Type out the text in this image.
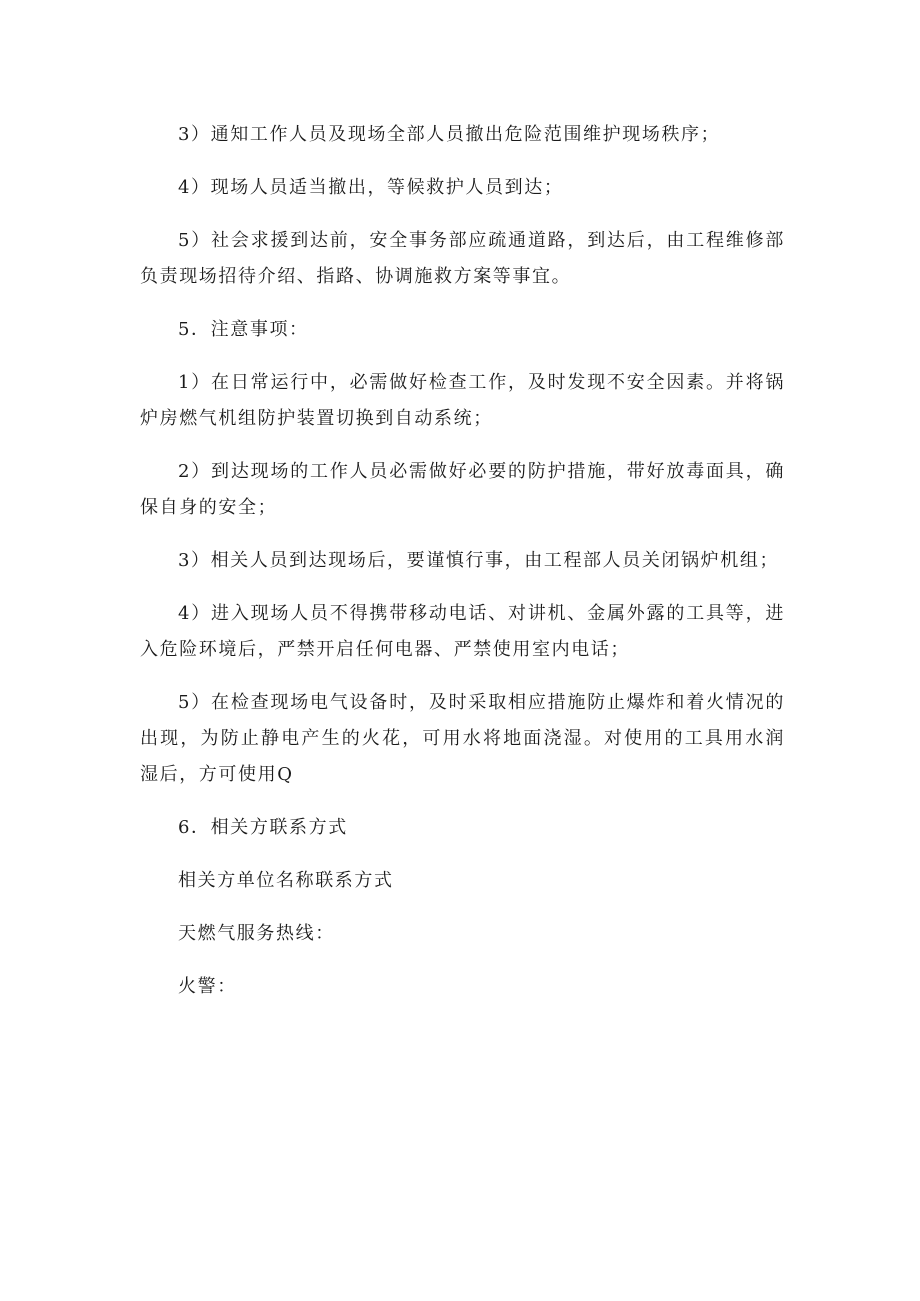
3）通知工作人员及现场全部人员撤出危险范围维护现场秩序；

4）现场人员适当撤出，等候救护人员到达；

5）社会求援到达前，安全事务部应疏通道路，到达后，由工程维修部负责现场招待介绍、指路、协调施救方案等事宜。

5．注意事项：

1）在日常运行中，必需做好检查工作，及时发现不安全因素。并将锅炉房燃气机组防护装置切换到自动系统；

2）到达现场的工作人员必需做好必要的防护措施，带好放毒面具，确保自身的安全；

3）相关人员到达现场后，要谨慎行事，由工程部人员关闭锅炉机组；

4）进入现场人员不得携带移动电话、对讲机、金属外露的工具等，进入危险环境后，严禁开启任何电器、严禁使用室内电话；

5）在检查现场电气设备时，及时采取相应措施防止爆炸和着火情况的出现，为防止静电产生的火花，可用水将地面浇湿。对使用的工具用水润湿后，方可使用Q

6．相关方联系方式

相关方单位名称联系方式

天燃气服务热线：

火警：
